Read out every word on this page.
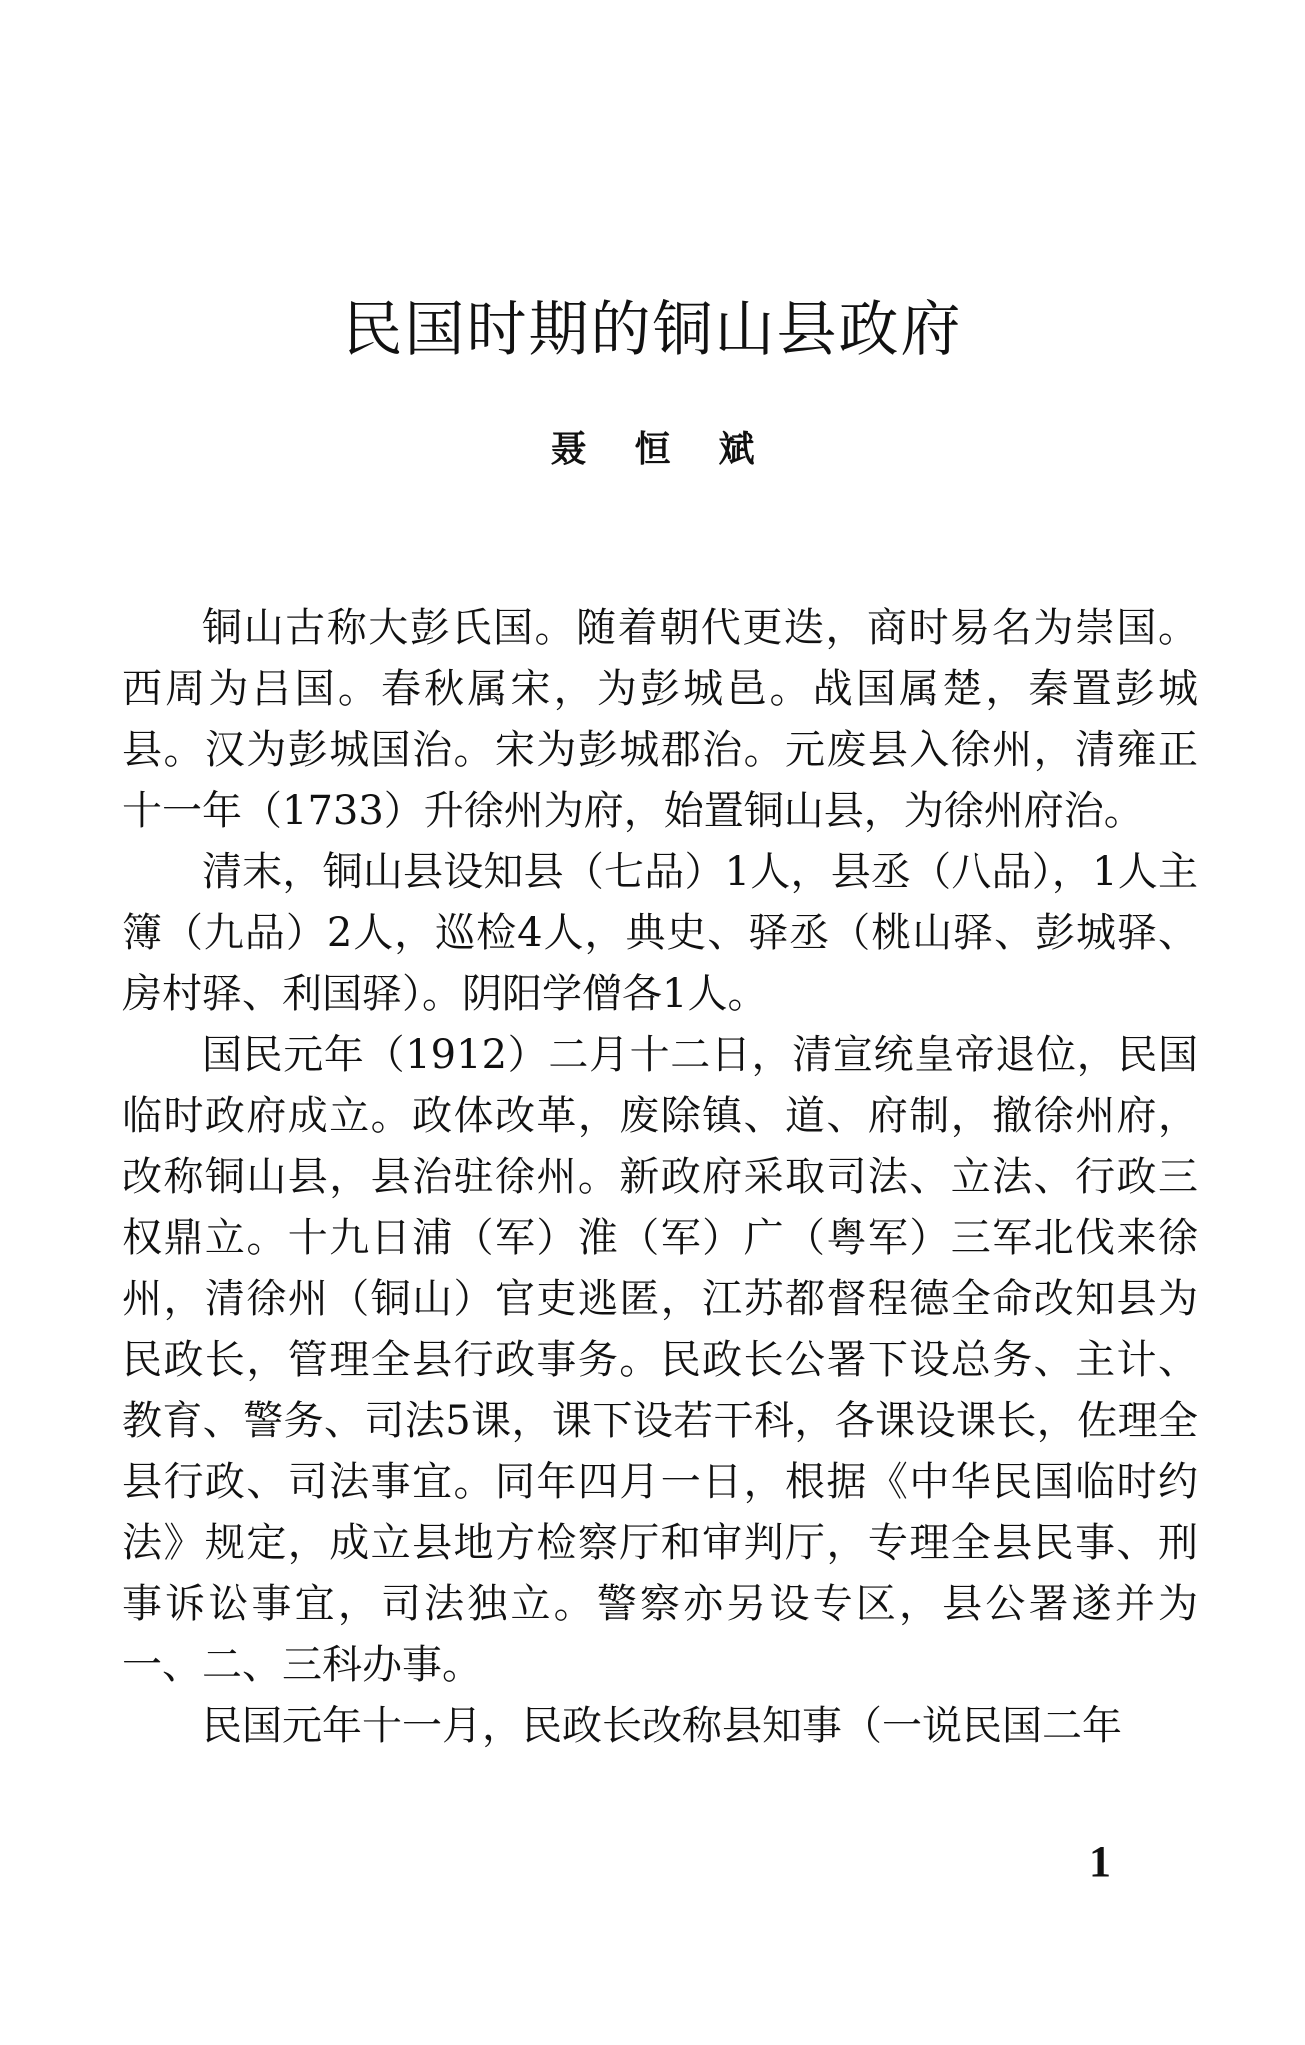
民国时期的铜山县政府
聂恒斌

铜山古称大彭氏国。随着朝代更迭，商时易名为崇国。西周为吕国。春秋属宋，为彭城邑。战国属楚，秦置彭城县。汉为彭城国治。宋为彭城郡治。元废县入徐州，清雍正十一年（1733）升徐州为府，始置铜山县，为徐州府治。

清末，铜山县设知县（七品）1人，县丞（八品），1人主簿（九品）2人，巡检4人，典史、驿丞（桃山驿、彭城驿、房村驿、利国驿）。阴阳学僧各1人。

国民元年（1912）二月十二日，清宣统皇帝退位，民国临时政府成立。政体改革，废除镇、道、府制，撤徐州府，改称铜山县，县治驻徐州。新政府采取司法、立法、行政三权鼎立。十九日浦（军）淮（军）广（粤军）三军北伐来徐州，清徐州（铜山）官吏逃匿，江苏都督程德全命改知县为民政长，管理全县行政事务。民政长公署下设总务、主计、教育、警务、司法5课，课下设若干科，各课设课长，佐理全县行政、司法事宜。同年四月一日，根据《中华民国临时约法》规定，成立县地方检察厅和审判厅，专理全县民事、刑事诉讼事宜，司法独立。警察亦另设专区，县公署遂并为一、二、三科办事。

民国元年十一月，民政长改称县知事（一说民国二年

1
